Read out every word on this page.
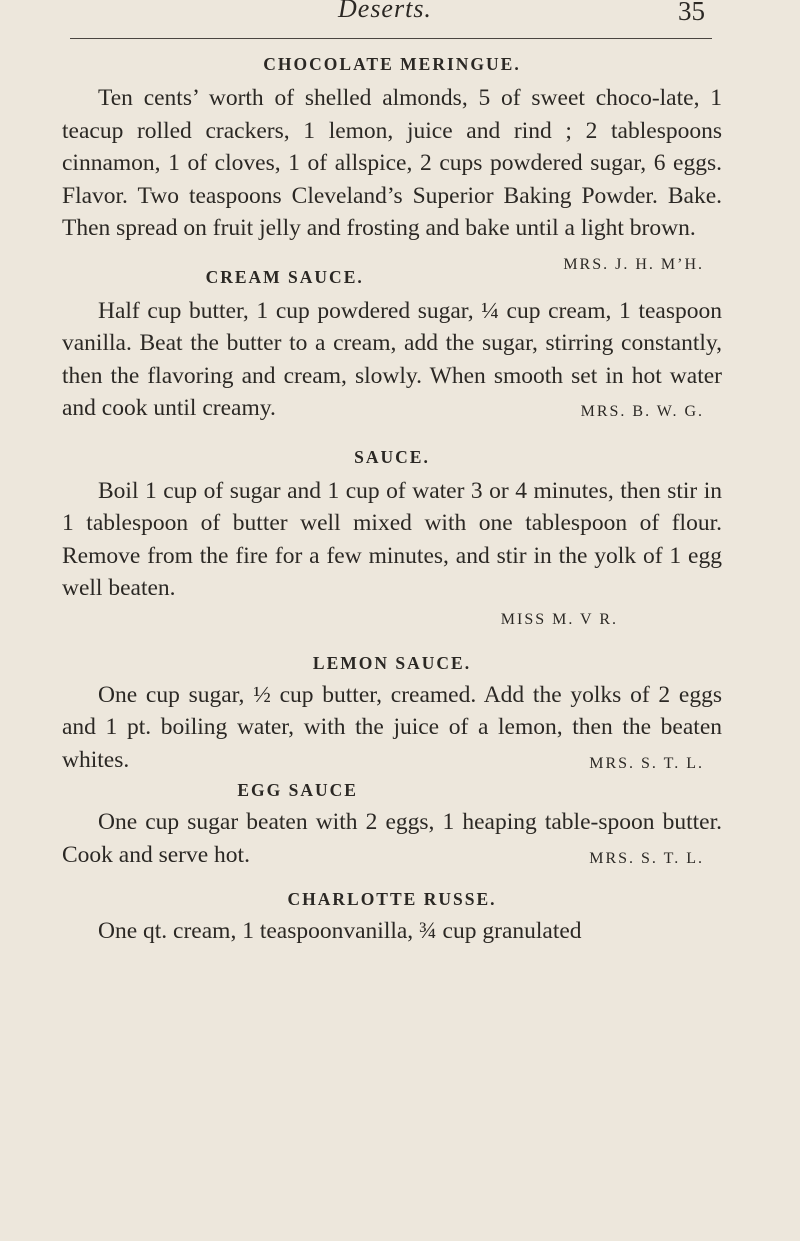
Deserts.	35
CHOCOLATE MERINGUE.

Ten cents’ worth of shelled almonds, 5 of sweet choco-late, 1 teacup rolled crackers, 1 lemon, juice and rind ; 2 tablespoons cinnamon, 1 of cloves, 1 of allspice, 2 cups powdered sugar, 6 eggs. Flavor. Two teaspoons Cleveland’s Superior Baking Powder. Bake. Then spread on fruit jelly and frosting and bake until a light brown.
MRS. J. H. M’H.

CREAM SAUCE.

Half cup butter, 1 cup powdered sugar, ¼ cup cream, 1 teaspoon vanilla. Beat the butter to a cream, add the sugar, stirring constantly, then the flavoring and cream, slowly. When smooth set in hot water and cook until creamy.	MRS. B. W. G.

SAUCE.

Boil 1 cup of sugar and 1 cup of water 3 or 4 minutes, then stir in 1 tablespoon of butter well mixed with one tablespoon of flour. Remove from the fire for a few minutes, and stir in the yolk of 1 egg well beaten.

MISS M. V R.

LEMON SAUCE.

One cup sugar, ½ cup butter, creamed. Add the yolks of 2 eggs and 1 pt. boiling water, with the juice of a lemon, then the beaten whites.	MRS. S. T. L.

EGG SAUCE

One cup sugar beaten with 2 eggs, 1 heaping table-spoon butter. Cook and serve hot.	MRS. S. T. L.

CHARLOTTE RUSSE.

One qt. cream, 1 teaspoonvanilla, ¾ cup granulated
